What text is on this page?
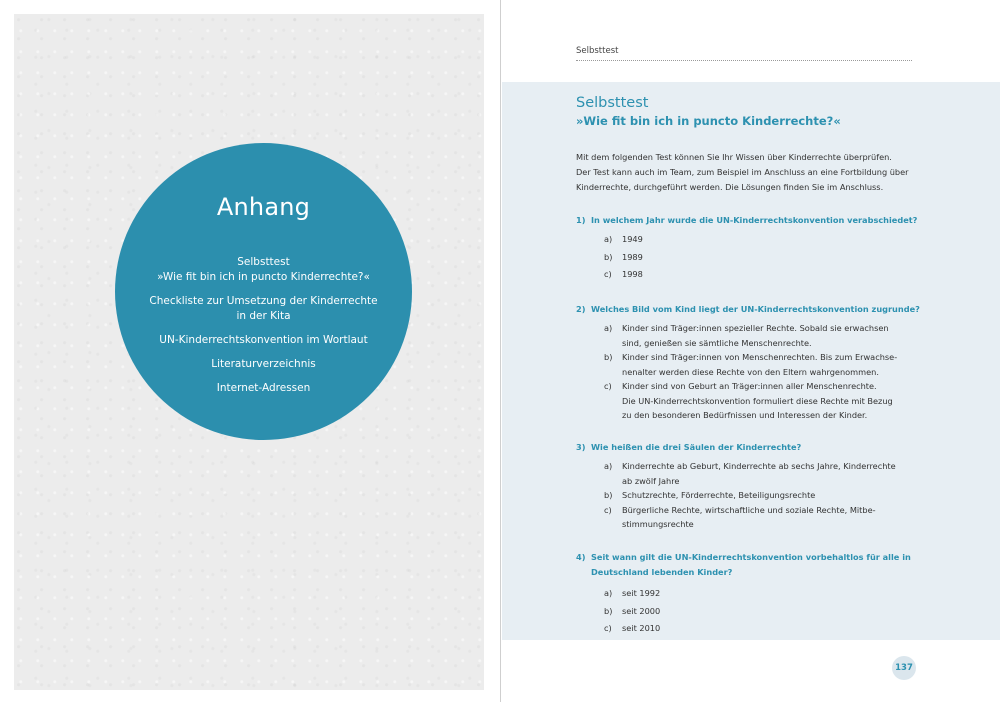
Anhang
Selbsttest
»Wie fit bin ich in puncto Kinderrechte?«
Checkliste zur Umsetzung der Kinderrechte
in der Kita
UN-Kinderrechtskonvention im Wortlaut
Literaturverzeichnis
Internet-Adressen
Selbsttest
Selbsttest
»Wie fit bin ich in puncto Kinderrechte?«
Mit dem folgenden Test können Sie Ihr Wissen über Kinderrechte überprüfen.
Der Test kann auch im Team, zum Beispiel im Anschluss an eine Fortbildung über
Kinderrechte, durchgeführt werden. Die Lösungen finden Sie im Anschluss.
1) In welchem Jahr wurde die UN-Kinderrechtskonvention verabschiedet?
a)	1949
b)	1989
c)	1998
2) Welches Bild vom Kind liegt der UN-Kinderrechtskonvention zugrunde?
a)	Kinder sind Träger:innen spezieller Rechte. Sobald sie erwachsen
sind, genießen sie sämtliche Menschenrechte.
b)	Kinder sind Träger:innen von Menschenrechten. Bis zum Erwachse-
nenalter werden diese Rechte von den Eltern wahrgenommen.
c)	Kinder sind von Geburt an Träger:innen aller Menschenrechte.
Die UN-Kinderrechtskonvention formuliert diese Rechte mit Bezug
zu den besonderen Bedürfnissen und Interessen der Kinder.
3) Wie heißen die drei Säulen der Kinderrechte?
a)	Kinderrechte ab Geburt, Kinderrechte ab sechs Jahre, Kinderrechte
ab zwölf Jahre
b)	Schutzrechte, Förderrechte, Beteiligungsrechte
c)	Bürgerliche Rechte, wirtschaftliche und soziale Rechte, Mitbe-
stimmungsrechte
4) Seit wann gilt die UN-Kinderrechtskonvention vorbehaltlos für alle in
Deutschland lebenden Kinder?
a)	seit 1992
b)	seit 2000
c)	seit 2010
137
